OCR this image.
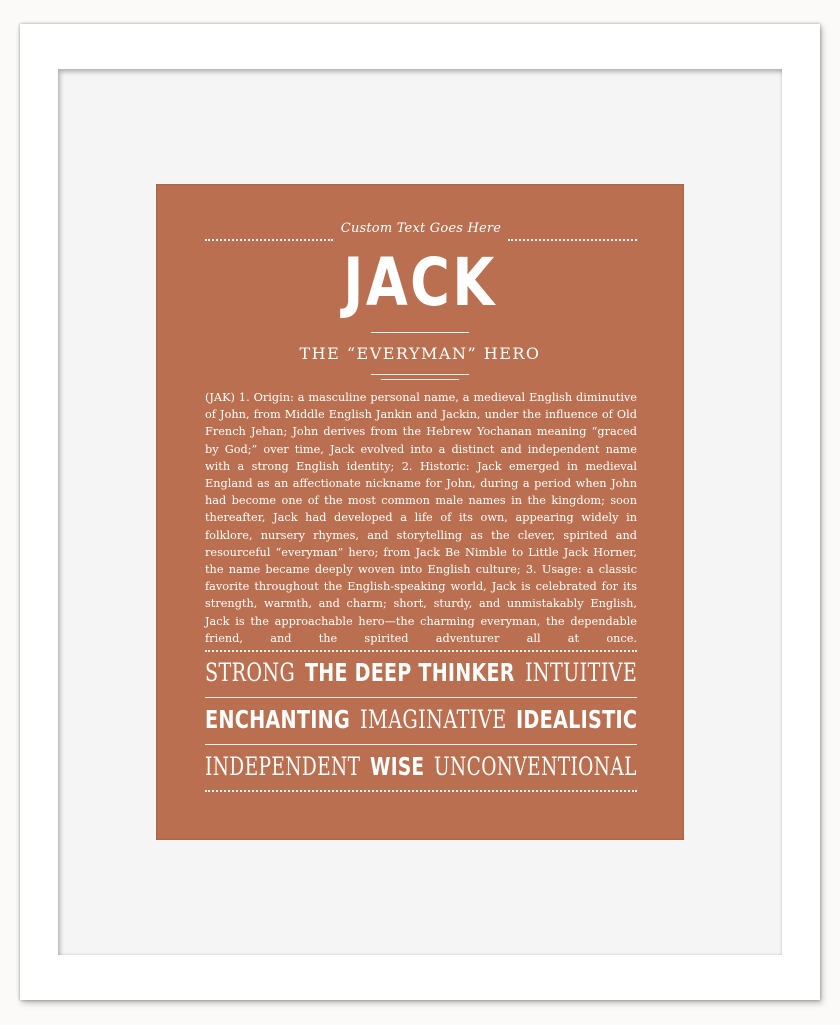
Custom Text Goes Here
JACK
THE “EVERYMAN” HERO

(JAK) 1. Origin: a masculine personal name, a medieval English diminutive of John, from Middle English Jankin and Jackin, under the influence of Old French Jehan; John derives from the Hebrew Yochanan meaning “graced by God;” over time, Jack evolved into a distinct and independent name with a strong English identity; 2. Historic: Jack emerged in medieval England as an affectionate nickname for John, during a period when John had become one of the most common male names in the kingdom; soon thereafter, Jack had developed a life of its own, appearing widely in folklore, nursery rhymes, and storytelling as the clever, spirited and resourceful “everyman” hero; from Jack Be Nimble to Little Jack Horner, the name became deeply woven into English culture; 3. Usage: a classic favorite throughout the English-speaking world, Jack is celebrated for its strength, warmth, and charm; short, sturdy, and unmistakably English, Jack is the approachable hero—the charming everyman, the dependable friend, and the spirited adventurer all at once.

STRONG THE DEEP THINKER INTUITIVE
ENCHANTING IMAGINATIVE IDEALISTIC
INDEPENDENT WISE UNCONVENTIONAL
